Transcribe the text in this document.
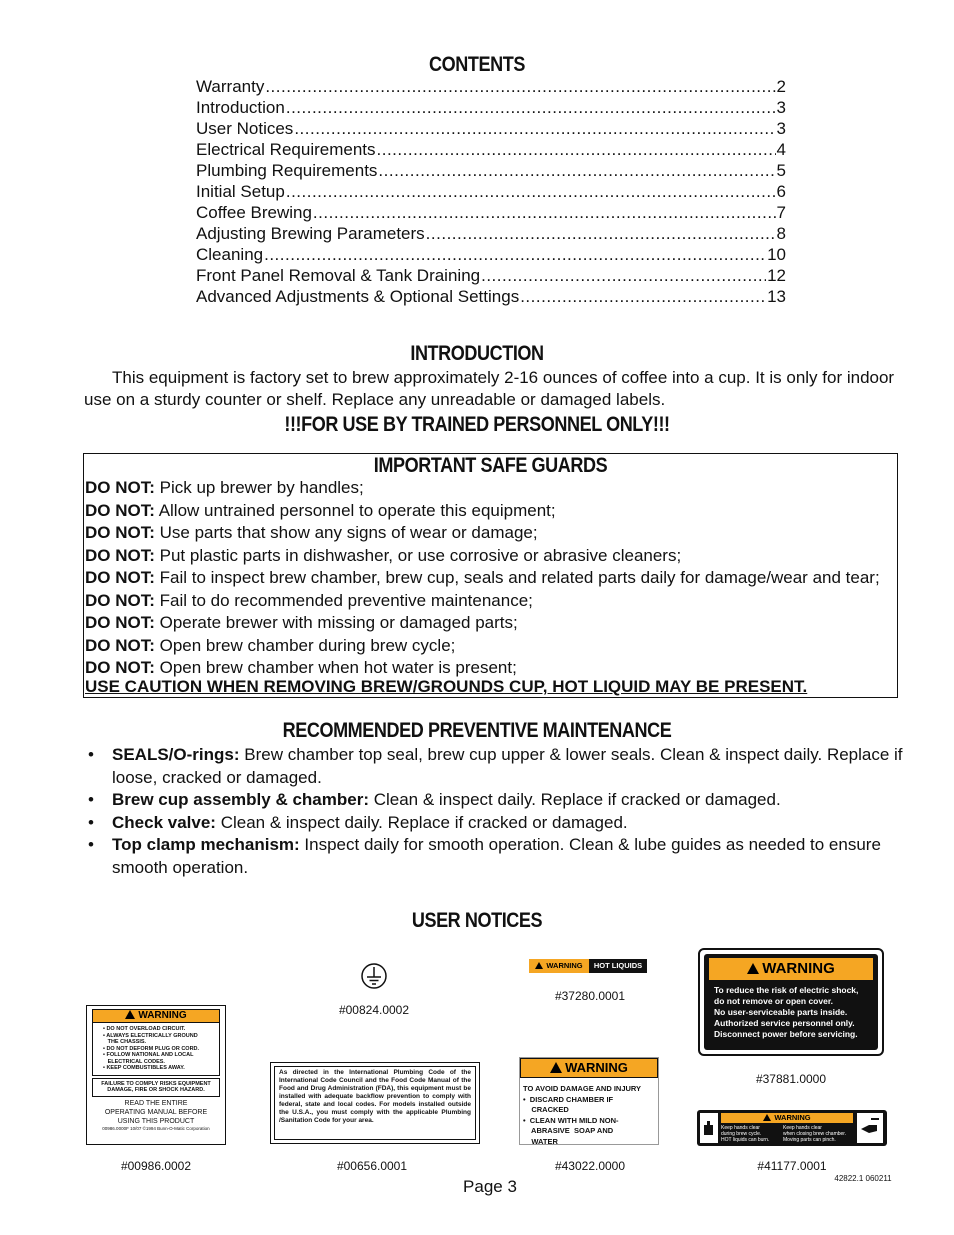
CONTENTS
Warranty .....	2
Introduction .....	3
User Notices .....	3
Electrical Requirements .....	4
Plumbing Requirements .....	5
Initial Setup .....	6
Coffee Brewing .....	7
Adjusting Brewing Parameters .....	8
Cleaning .....	10
Front Panel Removal & Tank Draining .....	12
Advanced Adjustments & Optional Settings .....	13
INTRODUCTION
This equipment is factory set to brew approximately 2-16 ounces of coffee into a cup. It is only for indoor use on a sturdy counter or shelf. Replace any unreadable or damaged labels.
!!!FOR USE BY TRAINED PERSONNEL ONLY!!!
IMPORTANT SAFE GUARDS
DO NOT: Pick up brewer by handles;
DO NOT: Allow untrained personnel to operate this equipment;
DO NOT: Use parts that show any signs of wear or damage;
DO NOT: Put plastic parts in dishwasher, or use corrosive or abrasive cleaners;
DO NOT: Fail to inspect brew chamber, brew cup, seals and related parts daily for damage/wear and tear;
DO NOT: Fail to do recommended preventive maintenance;
DO NOT: Operate brewer with missing or damaged parts;
DO NOT: Open brew chamber during brew cycle;
DO NOT: Open brew chamber when hot water is present;
USE CAUTION WHEN REMOVING BREW/GROUNDS CUP, HOT LIQUID MAY BE PRESENT.
RECOMMENDED PREVENTIVE MAINTENANCE
• SEALS/O-rings: Brew chamber top seal, brew cup upper & lower seals. Clean & inspect daily. Replace if loose, cracked or damaged.
• Brew cup assembly & chamber: Clean & inspect daily. Replace if cracked or damaged.
• Check valve: Clean & inspect daily. Replace if cracked or damaged.
• Top clamp mechanism: Inspect daily for smooth operation. Clean & lube guides as needed to ensure smooth operation.
USER NOTICES
#00824.0002
WARNING	HOT LIQUIDS
#37280.0001
WARNING
To reduce the risk of electric shock,
do not remove or open cover.
No user-serviceable parts inside.
Authorized service personnel only.
Disconnect power before servicing.
#37881.0000
WARNING
• DO NOT OVERLOAD CIRCUIT.
• ALWAYS ELECTRICALLY GROUND
THE CHASSIS.
• DO NOT DEFORM PLUG OR CORD.
• FOLLOW NATIONAL AND LOCAL
ELECTRICAL CODES.
• KEEP COMBUSTIBLES AWAY.
FAILURE TO COMPLY RISKS EQUIPMENT DAMAGE, FIRE OR SHOCK HAZARD.
READ THE ENTIRE
OPERATING MANUAL BEFORE
USING THIS PRODUCT
00986.0000F 10/07 ©1994 Bunn-O-Matic Corporation
#00986.0002
As directed in the International Plumbing Code of the International Code Council and the Food Code Manual of the Food and Drug Administration (FDA), this equipment must be installed with adequate backflow prevention to comply with federal, state and local codes. For models installed outside the U.S.A., you must comply with the applicable Plumbing /Sanitation Code for your area.
#00656.0001
WARNING
TO AVOID DAMAGE AND INJURY
•  DISCARD CHAMBER IF
CRACKED
•  CLEAN WITH MILD NON-
ABRASIVE  SOAP AND
WATER
#43022.0000
WARNING
Keep hands clear
during brew cycle.
HOT liquids can burn.
Keep hands clear
when closing brew chamber.
Moving parts can pinch.
#41177.0001
Page 3	42822.1 060211
